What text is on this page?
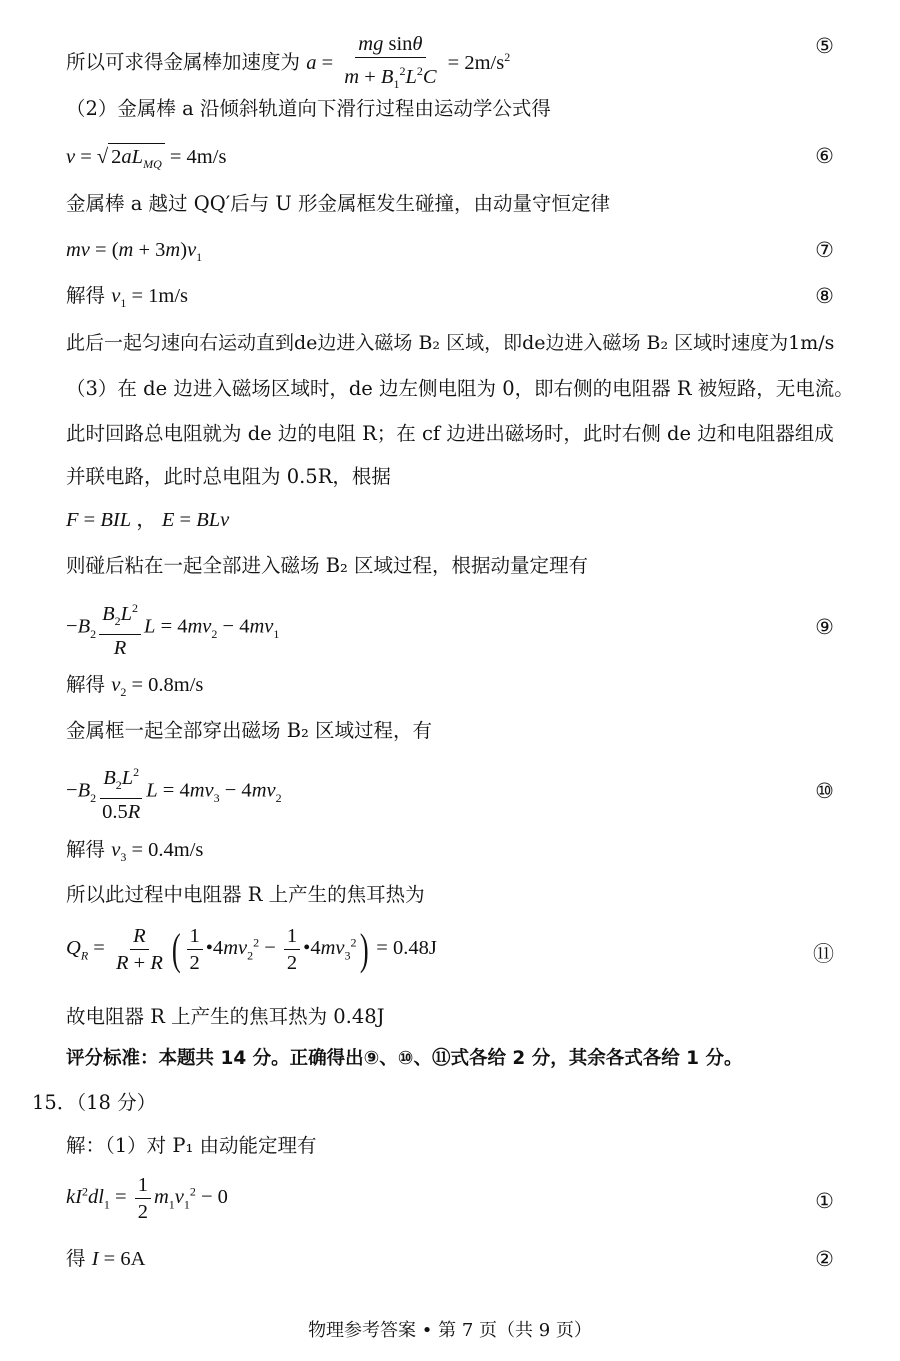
所以可求得金属棒加速度为 $a = \frac{\text{mg sinθ}}{m + B_1^2L^2C} = 2m/s^2$	⑤
（2）金属棒 a 沿倾斜轨道向下滑行过程由运动学公式得
v = √ $2aL_{MQ} = 4m/s$	⑥
金属棒 a 越过 QQ′后与 U 形金属框发生碰撞，由动量守恒定律
mv = $(m + 3m)v_1$	⑦
解得 $v_1 = 1m/s$	⑧
此后一起匀速向右运动直到de边进入磁场 B₂ 区域，即de边进入磁场 B₂ 区域时速度为1m/s
（3）在 de 边进入磁场区域时，de 边左侧电阻为 0，即右侧的电阻器 R 被短路，无电流。
此时回路总电阻就为 de 边的电阻 R；在 cf 边进出磁场时，此时右侧 de 边和电阻器组成
并联电路，此时总电阻为 0.5R，根据
F = BIL ， E = BLv
则碰后粘在一起全部进入磁场 B₂ 区域过程，根据动量定理有
$-B_2 \frac{B_2L^2}{R}$ $L = 4mv_2 - 4mv_1$	⑨
解得 $v_2 = 0.8m/s$
金属框一起全部穿出磁场 B₂ 区域过程，有
$-B_2 \frac{B_2L^2}{0.5R}$ $L = 4mv_3 - 4mv_2$	⑩
解得 $v_3 = 0.4m/s$
所以此过程中电阻器 R 上产生的焦耳热为
$Q_R = \frac{R}{R + R}$ ( $\frac{1}{2}$ $•4mv_2^2 - \frac{1}{2}$ $•4mv_3^2) = 0.48J$	⑪
故电阻器 R 上产生的焦耳热为 0.48J
评分标准：本题共 14 分。正确得出⑨、⑩、⑪式各给 2 分，其余各式各给 1 分。
15．（18 分）
解：（1）对 P₁ 由动能定理有
$kI^2dl_1 = \frac{1}{2} m_1v_1^2 - 0$	①
得 I = 6A	②
物理参考答案 • 第 7 页（共 9 页）
